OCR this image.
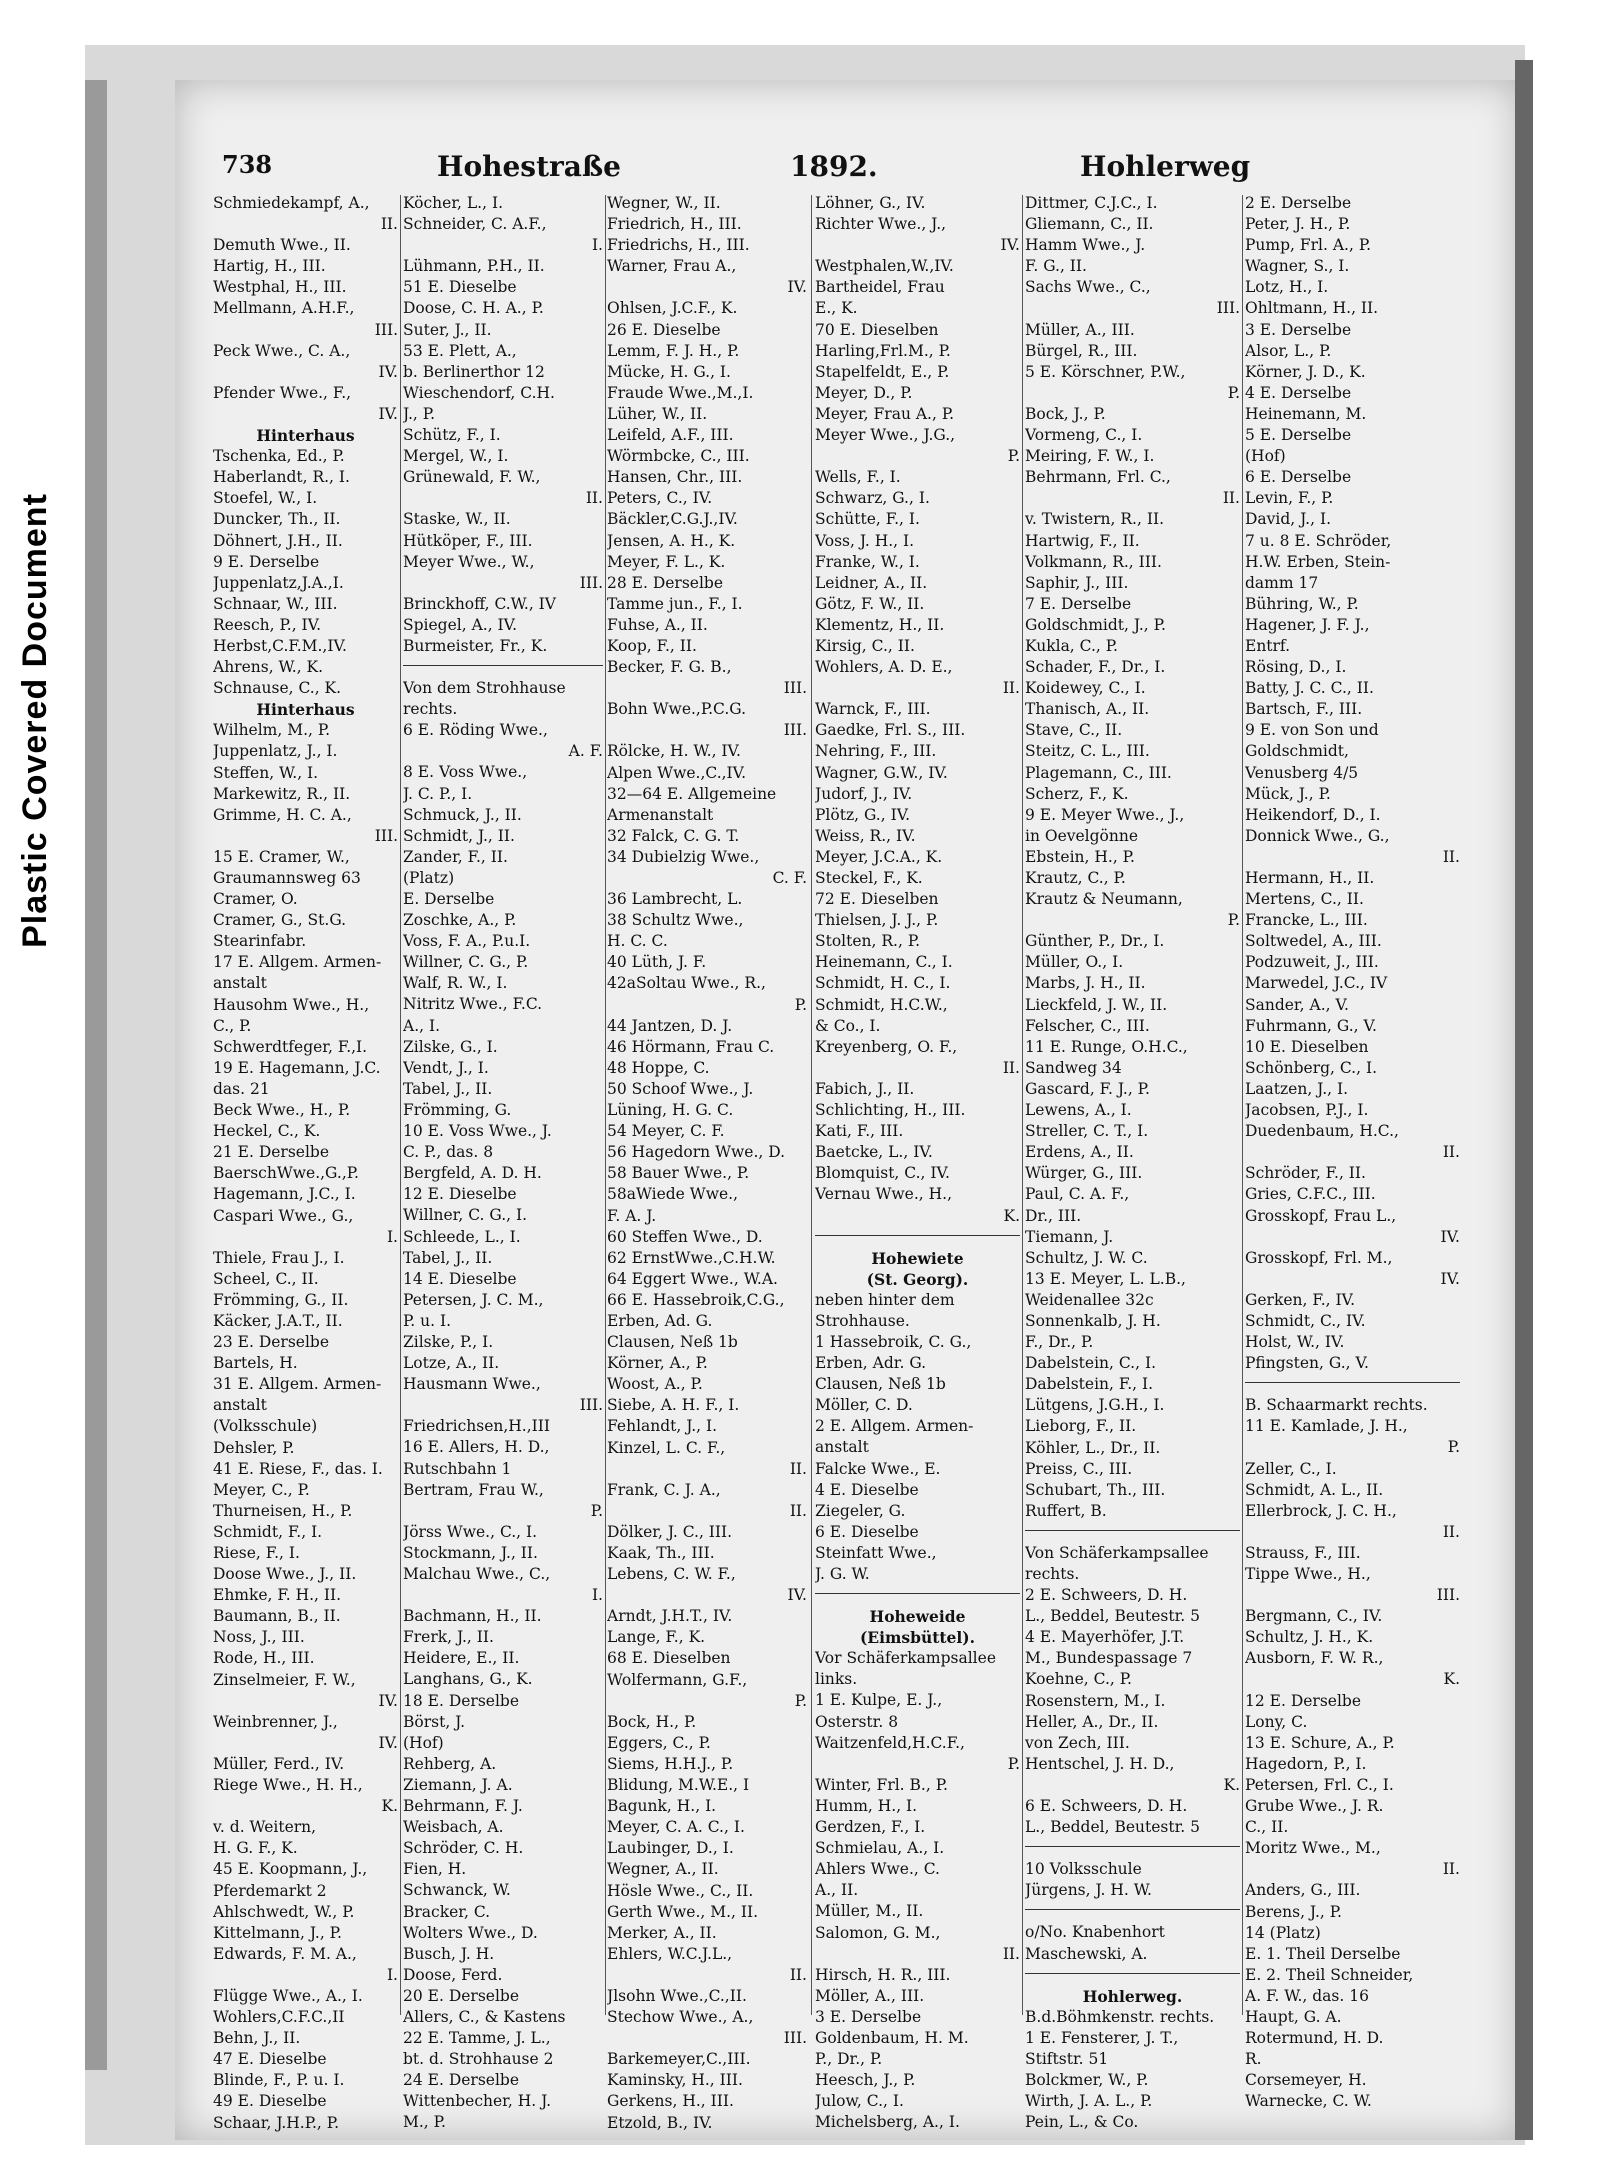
Plastic Covered Document
738	Hohestraße	1892.	Hohlerweg
Schmiedekampf, A.,
II.
Demuth Wwe., II.
Hartig, H., III.
Westphal, H., III.
Mellmann, A.H.F.,
III.
Peck Wwe., C. A.,
IV.
Pfender Wwe., F.,
IV.
Hinterhaus
Tschenka, Ed., P.
Haberlandt, R., I.
Stoefel, W., I.
Duncker, Th., II.
Döhnert, J.H., II.
9 E. Derselbe
Juppenlatz,J.A.,I.
Schnaar, W., III.
Reesch, P., IV.
Herbst,C.F.M.,IV.
Ahrens, W., K.
Schnause, C., K.
Hinterhaus
Wilhelm, M., P.
Juppenlatz, J., I.
Steffen, W., I.
Markewitz, R., II.
Grimme, H. C. A.,
III.
15 E. Cramer, W.,
Graumannsweg 63
Cramer, O.
Cramer, G., St.G.
Stearinfabr.
17 E. Allgem. Armen-
anstalt
Hausohm Wwe., H.,
C., P.
Schwerdtfeger, F.,I.
19 E. Hagemann, J.C.
das. 21
Beck Wwe., H., P.
Heckel, C., K.
21 E. Derselbe
BaerschWwe.,G.,P.
Hagemann, J.C., I.
Caspari Wwe., G.,
I.
Thiele, Frau J., I.
Scheel, C., II.
Frömming, G., II.
Käcker, J.A.T., II.
23 E. Derselbe
Bartels, H.
31 E. Allgem. Armen-
anstalt
(Volksschule)
Dehsler, P.
41 E. Riese, F., das. I.
Meyer, C., P.
Thurneisen, H., P.
Schmidt, F., I.
Riese, F., I.
Doose Wwe., J., II.
Ehmke, F. H., II.
Baumann, B., II.
Noss, J., III.
Rode, H., III.
Zinselmeier, F. W.,
IV.
Weinbrenner, J.,
IV.
Müller, Ferd., IV.
Riege Wwe., H. H.,
K.
v. d. Weitern,
H. G. F., K.
45 E. Koopmann, J.,
Pferdemarkt 2
Ahlschwedt, W., P.
Kittelmann, J., P.
Edwards, F. M. A.,
I.
Flügge Wwe., A., I.
Wohlers,C.F.C.,II
Behn, J., II.
47 E. Dieselbe
Blinde, F., P. u. I.
49 E. Dieselbe
Schaar, J.H.P., P.
Köcher, L., I.
Schneider, C. A.F.,
I.
Lühmann, P.H., II.
51 E. Dieselbe
Doose, C. H. A., P.
Suter, J., II.
53 E. Plett, A.,
b. Berlinerthor 12
Wieschendorf, C.H.
J., P.
Schütz, F., I.
Mergel, W., I.
Grünewald, F. W.,
II.
Staske, W., II.
Hütköper, F., III.
Meyer Wwe., W.,
III.
Brinckhoff, C.W., IV
Spiegel, A., IV.
Burmeister, Fr., K.
Von dem Strohhause
rechts.
6 E. Röding Wwe.,
A. F.
8 E. Voss Wwe.,
J. C. P., I.
Schmuck, J., II.
Schmidt, J., II.
Zander, F., II.
(Platz)
E. Derselbe
Zoschke, A., P.
Voss, F. A., P.u.I.
Willner, C. G., P.
Walf, R. W., I.
Nitritz Wwe., F.C.
A., I.
Zilske, G., I.
Vendt, J., I.
Tabel, J., II.
Frömming, G.
10 E. Voss Wwe., J.
C. P., das. 8
Bergfeld, A. D. H.
12 E. Dieselbe
Willner, C. G., I.
Schleede, L., I.
Tabel, J., II.
14 E. Dieselbe
Petersen, J. C. M.,
P. u. I.
Zilske, P., I.
Lotze, A., II.
Hausmann Wwe.,
III.
Friedrichsen,H.,III
16 E. Allers, H. D.,
Rutschbahn 1
Bertram, Frau W.,
P.
Jörss Wwe., C., I.
Stockmann, J., II.
Malchau Wwe., C.,
I.
Bachmann, H., II.
Frerk, J., II.
Heidere, E., II.
Langhans, G., K.
18 E. Derselbe
Börst, J.
(Hof)
Rehberg, A.
Ziemann, J. A.
Behrmann, F. J.
Weisbach, A.
Schröder, C. H.
Fien, H.
Schwanck, W.
Bracker, C.
Wolters Wwe., D.
Busch, J. H.
Doose, Ferd.
20 E. Derselbe
Allers, C., & Kastens
22 E. Tamme, J. L.,
bt. d. Strohhause 2
24 E. Derselbe
Wittenbecher, H. J.
M., P.
Wegner, W., II.
Friedrich, H., III.
Friedrichs, H., III.
Warner, Frau A.,
IV.
Ohlsen, J.C.F., K.
26 E. Dieselbe
Lemm, F. J. H., P.
Mücke, H. G., I.
Fraude Wwe.,M.,I.
Lüher, W., II.
Leifeld, A.F., III.
Wörmbcke, C., III.
Hansen, Chr., III.
Peters, C., IV.
Bäckler,C.G.J.,IV.
Jensen, A. H., K.
Meyer, F. L., K.
28 E. Derselbe
Tamme jun., F., I.
Fuhse, A., II.
Koop, F., II.
Becker, F. G. B.,
III.
Bohn Wwe.,P.C.G.
III.
Rölcke, H. W., IV.
Alpen Wwe.,C.,IV.
32—64 E. Allgemeine
Armenanstalt
32 Falck, C. G. T.
34 Dubielzig Wwe.,
C. F.
36 Lambrecht, L.
38 Schultz Wwe.,
H. C. C.
40 Lüth, J. F.
42aSoltau Wwe., R.,
P.
44 Jantzen, D. J.
46 Hörmann, Frau C.
48 Hoppe, C.
50 Schoof Wwe., J.
Lüning, H. G. C.
54 Meyer, C. F.
56 Hagedorn Wwe., D.
58 Bauer Wwe., P.
58aWiede Wwe.,
F. A. J.
60 Steffen Wwe., D.
62 ErnstWwe.,C.H.W.
64 Eggert Wwe., W.A.
66 E. Hassebroik,C.G.,
Erben, Ad. G.
Clausen, Neß 1b
Körner, A., P.
Woost, A., P.
Siebe, A. H. F., I.
Fehlandt, J., I.
Kinzel, L. C. F.,
II.
Frank, C. J. A.,
II.
Dölker, J. C., III.
Kaak, Th., III.
Lebens, C. W. F.,
IV.
Arndt, J.H.T., IV.
Lange, F., K.
68 E. Dieselben
Wolfermann, G.F.,
P.
Bock, H., P.
Eggers, C., P.
Siems, H.H.J., P.
Blidung, M.W.E., I
Bagunk, H., I.
Meyer, C. A. C., I.
Laubinger, D., I.
Wegner, A., II.
Hösle Wwe., C., II.
Gerth Wwe., M., II.
Merker, A., II.
Ehlers, W.C.J.L.,
II.
Jlsohn Wwe.,C.,II.
Stechow Wwe., A.,
III.
Barkemeyer,C.,III.
Kaminsky, H., III.
Gerkens, H., III.
Etzold, B., IV.
Löhner, G., IV.
Richter Wwe., J.,
IV.
Westphalen,W.,IV.
Bartheidel, Frau
E., K.
70 E. Dieselben
Harling,Frl.M., P.
Stapelfeldt, E., P.
Meyer, D., P.
Meyer, Frau A., P.
Meyer Wwe., J.G.,
P.
Wells, F., I.
Schwarz, G., I.
Schütte, F., I.
Voss, J. H., I.
Franke, W., I.
Leidner, A., II.
Götz, F. W., II.
Klementz, H., II.
Kirsig, C., II.
Wohlers, A. D. E.,
II.
Warnck, F., III.
Gaedke, Frl. S., III.
Nehring, F., III.
Wagner, G.W., IV.
Judorf, J., IV.
Plötz, G., IV.
Weiss, R., IV.
Meyer, J.C.A., K.
Steckel, F., K.
72 E. Dieselben
Thielsen, J. J., P.
Stolten, R., P.
Heinemann, C., I.
Schmidt, H. C., I.
Schmidt, H.C.W.,
& Co., I.
Kreyenberg, O. F.,
II.
Fabich, J., II.
Schlichting, H., III.
Kati, F., III.
Baetcke, L., IV.
Blomquist, C., IV.
Vernau Wwe., H.,
K.
Hohewiete
(St. Georg).
neben hinter dem
Strohhause.
1 Hassebroik, C. G.,
Erben, Adr. G.
Clausen, Neß 1b
Möller, C. D.
2 E. Allgem. Armen-
anstalt
Falcke Wwe., E.
4 E. Dieselbe
Ziegeler, G.
6 E. Dieselbe
Steinfatt Wwe.,
J. G. W.
Hoheweide
(Eimsbüttel).
Vor Schäferkampsallee
links.
1 E. Kulpe, E. J.,
Osterstr. 8
Waitzenfeld,H.C.F.,
P.
Winter, Frl. B., P.
Humm, H., I.
Gerdzen, F., I.
Schmielau, A., I.
Ahlers Wwe., C.
A., II.
Müller, M., II.
Salomon, G. M.,
II.
Hirsch, H. R., III.
Möller, A., III.
3 E. Derselbe
Goldenbaum, H. M.
P., Dr., P.
Heesch, J., P.
Julow, C., I.
Michelsberg, A., I.
Dittmer, C.J.C., I.
Gliemann, C., II.
Hamm Wwe., J.
F. G., II.
Sachs Wwe., C.,
III.
Müller, A., III.
Bürgel, R., III.
5 E. Körschner, P.W.,
P.
Bock, J., P.
Vormeng, C., I.
Meiring, F. W., I.
Behrmann, Frl. C.,
II.
v. Twistern, R., II.
Hartwig, F., II.
Volkmann, R., III.
Saphir, J., III.
7 E. Derselbe
Goldschmidt, J., P.
Kukla, C., P.
Schader, F., Dr., I.
Koidewey, C., I.
Thanisch, A., II.
Stave, C., II.
Steitz, C. L., III.
Plagemann, C., III.
Scherz, F., K.
9 E. Meyer Wwe., J.,
in Oevelgönne
Ebstein, H., P.
Krautz, C., P.
Krautz & Neumann,
P.
Günther, P., Dr., I.
Müller, O., I.
Marbs, J. H., II.
Lieckfeld, J. W., II.
Felscher, C., III.
11 E. Runge, O.H.C.,
Sandweg 34
Gascard, F. J., P.
Lewens, A., I.
Streller, C. T., I.
Erdens, A., II.
Würger, G., III.
Paul, C. A. F.,
Dr., III.
Tiemann, J.
Schultz, J. W. C.
13 E. Meyer, L. L.B.,
Weidenallee 32c
Sonnenkalb, J. H.
F., Dr., P.
Dabelstein, C., I.
Dabelstein, F., I.
Lütgens, J.G.H., I.
Lieborg, F., II.
Köhler, L., Dr., II.
Preiss, C., III.
Schubart, Th., III.
Ruffert, B.
Von Schäferkampsallee
rechts.
2 E. Schweers, D. H.
L., Beddel, Beutestr. 5
4 E. Mayerhöfer, J.T.
M., Bundespassage 7
Koehne, C., P.
Rosenstern, M., I.
Heller, A., Dr., II.
von Zech, III.
Hentschel, J. H. D.,
K.
6 E. Schweers, D. H.
L., Beddel, Beutestr. 5
10 Volksschule
Jürgens, J. H. W.
o/No. Knabenhort
Maschewski, A.
Hohlerweg.
B.d.Böhmkenstr. rechts.
1 E. Fensterer, J. T.,
Stiftstr. 51
Bolckmer, W., P.
Wirth, J. A. L., P.
Pein, L., & Co.
2 E. Derselbe
Peter, J. H., P.
Pump, Frl. A., P.
Wagner, S., I.
Lotz, H., I.
Ohltmann, H., II.
3 E. Derselbe
Alsor, L., P.
Körner, J. D., K.
4 E. Derselbe
Heinemann, M.
5 E. Derselbe
(Hof)
6 E. Derselbe
Levin, F., P.
David, J., I.
7 u. 8 E. Schröder,
H.W. Erben, Stein-
damm 17
Bühring, W., P.
Hagener, J. F. J.,
Entrf.
Rösing, D., I.
Batty, J. C. C., II.
Bartsch, F., III.
9 E. von Son und
Goldschmidt,
Venusberg 4/5
Mück, J., P.
Heikendorf, D., I.
Donnick Wwe., G.,
II.
Hermann, H., II.
Mertens, C., II.
Francke, L., III.
Soltwedel, A., III.
Podzuweit, J., III.
Marwedel, J.C., IV
Sander, A., V.
Fuhrmann, G., V.
10 E. Dieselben
Schönberg, C., I.
Laatzen, J., I.
Jacobsen, P.J., I.
Duedenbaum, H.C.,
II.
Schröder, F., II.
Gries, C.F.C., III.
Grosskopf, Frau L.,
IV.
Grosskopf, Frl. M.,
IV.
Gerken, F., IV.
Schmidt, C., IV.
Holst, W., IV.
Pfingsten, G., V.
B. Schaarmarkt rechts.
11 E. Kamlade, J. H.,
P.
Zeller, C., I.
Schmidt, A. L., II.
Ellerbrock, J. C. H.,
II.
Strauss, F., III.
Tippe Wwe., H.,
III.
Bergmann, C., IV.
Schultz, J. H., K.
Ausborn, F. W. R.,
K.
12 E. Derselbe
Lony, C.
13 E. Schure, A., P.
Hagedorn, P., I.
Petersen, Frl. C., I.
Grube Wwe., J. R.
C., II.
Moritz Wwe., M.,
II.
Anders, G., III.
Berens, J., P.
14 (Platz)
E. 1. Theil Derselbe
E. 2. Theil Schneider,
A. F. W., das. 16
Haupt, G. A.
Rotermund, H. D.
R.
Corsemeyer, H.
Warnecke, C. W.
